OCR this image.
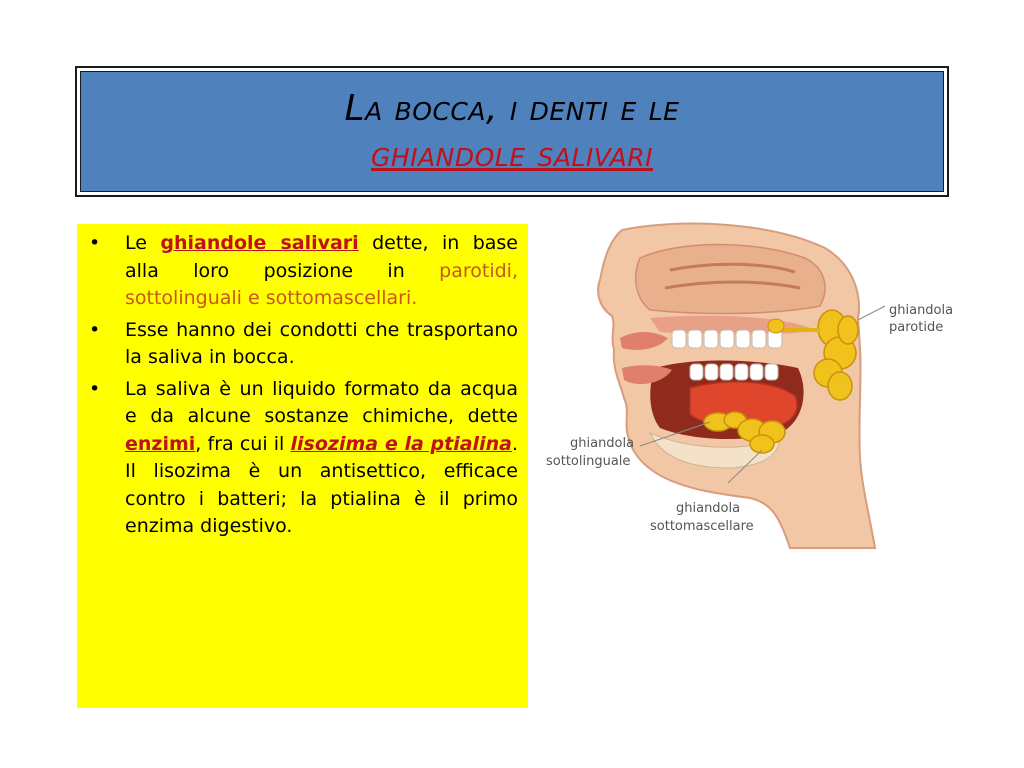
La bocca, i denti e le
ghiandole salivari
• Le ghiandole salivari dette, in base alla loro posizione in parotidi, sottolinguali e sottomascellari.
• Esse hanno dei condotti che trasportano la saliva in bocca.
• La saliva è un liquido formato da acqua e da alcune sostanze chimiche, dette enzimi, fra cui il lisozima e la ptialina. Il lisozima è un antisettico, efficace contro i batteri; la ptialina è il primo enzima digestivo.
ghiandola
parotide
ghiandola
sottolinguale
ghiandola
sottomascellare
